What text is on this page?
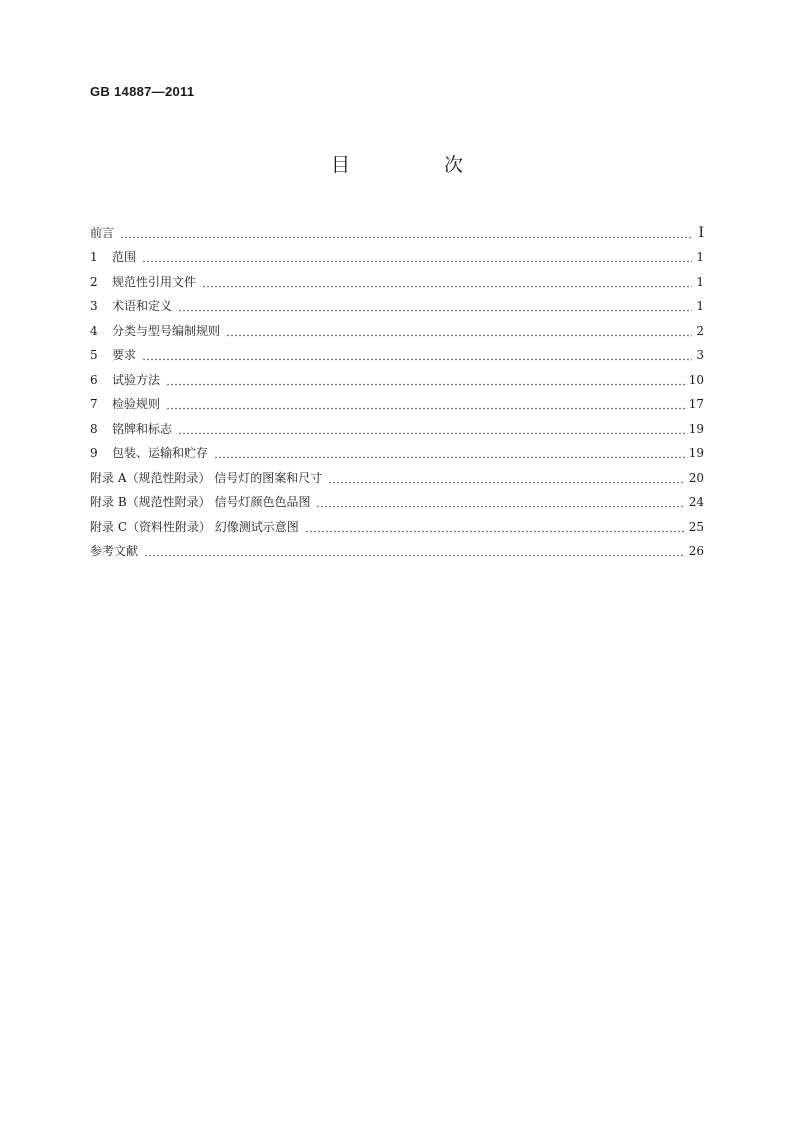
GB 14887—2011
目 次
前言	I
1 范围	1
2 规范性引用文件	1
3 术语和定义	1
4 分类与型号编制规则	2
5 要求	3
6 试验方法	10
7 检验规则	17
8 铭牌和标志	19
9 包装、运输和贮存	19
附录 A（规范性附录） 信号灯的图案和尺寸	20
附录 B（规范性附录） 信号灯颜色色品图	24
附录 C（资料性附录） 幻像测试示意图	25
参考文献	26
